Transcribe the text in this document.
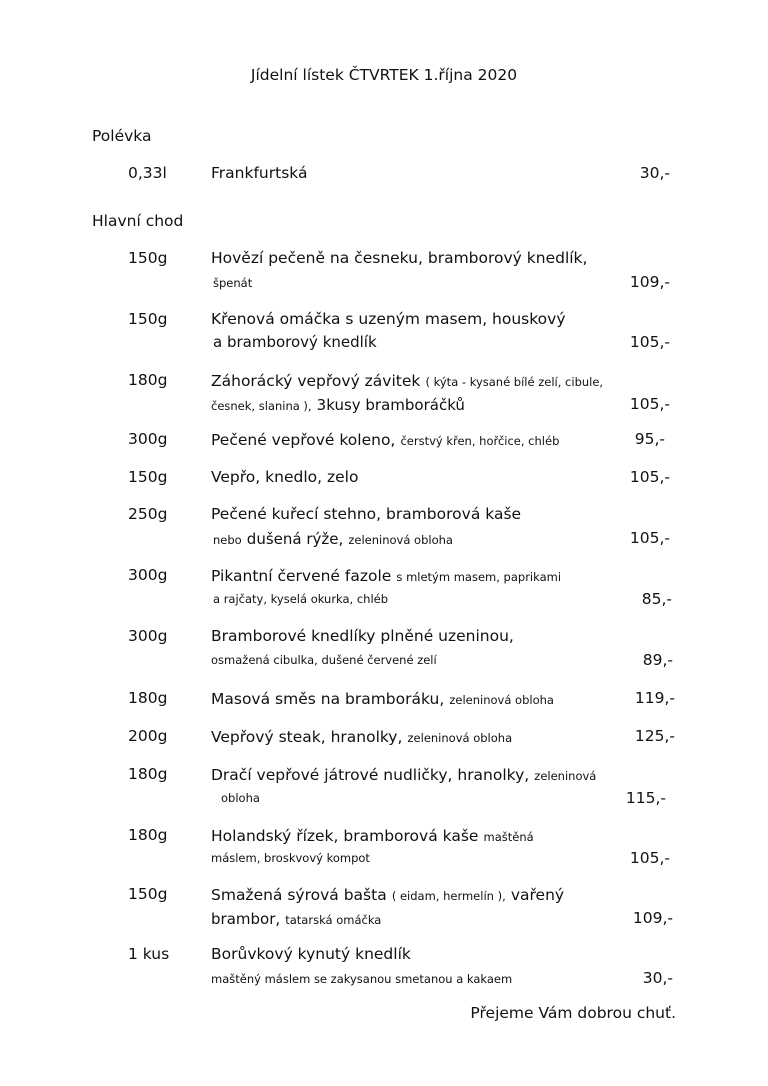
Jídelní lístek ČTVRTEK 1.října 2020
Polévka
0,33l	Frankfurtská	30,-
Hlavní chod
150g	Hovězí pečeně na česneku, bramborový knedlík,
špenát	109,-
150g	Křenová omáčka s uzeným masem, houskový
a bramborový knedlík	105,-
180g	Záhorácký vepřový závitek ( kýta - kysané bílé zelí, cibule,
česnek, slanina ), 3kusy bramboráčků	105,-
300g	Pečené vepřové koleno, čerstvý křen, hořčice, chléb	95,-
150g	Vepřo, knedlo, zelo	105,-
250g	Pečené kuřecí stehno, bramborová kaše
nebo dušená rýže, zeleninová obloha	105,-
300g	Pikantní červené fazole s mletým masem, paprikami
a rajčaty, kyselá okurka, chléb	85,-
300g	Bramborové knedlíky plněné uzeninou,
osmažená cibulka, dušené červené zelí	89,-
180g	Masová směs na bramboráku, zeleninová obloha	119,-
200g	Vepřový steak, hranolky, zeleninová obloha	125,-
180g	Dračí vepřové játrové nudličky, hranolky, zeleninová
obloha	115,-
180g	Holandský řízek, bramborová kaše maštěná
máslem, broskvový kompot	105,-
150g	Smažená sýrová bašta ( eidam, hermelín ), vařený
brambor, tatarská omáčka	109,-
1 kus	Borůvkový kynutý knedlík
maštěný máslem se zakysanou smetanou a kakaem	30,-
Přejeme Vám dobrou chuť.
